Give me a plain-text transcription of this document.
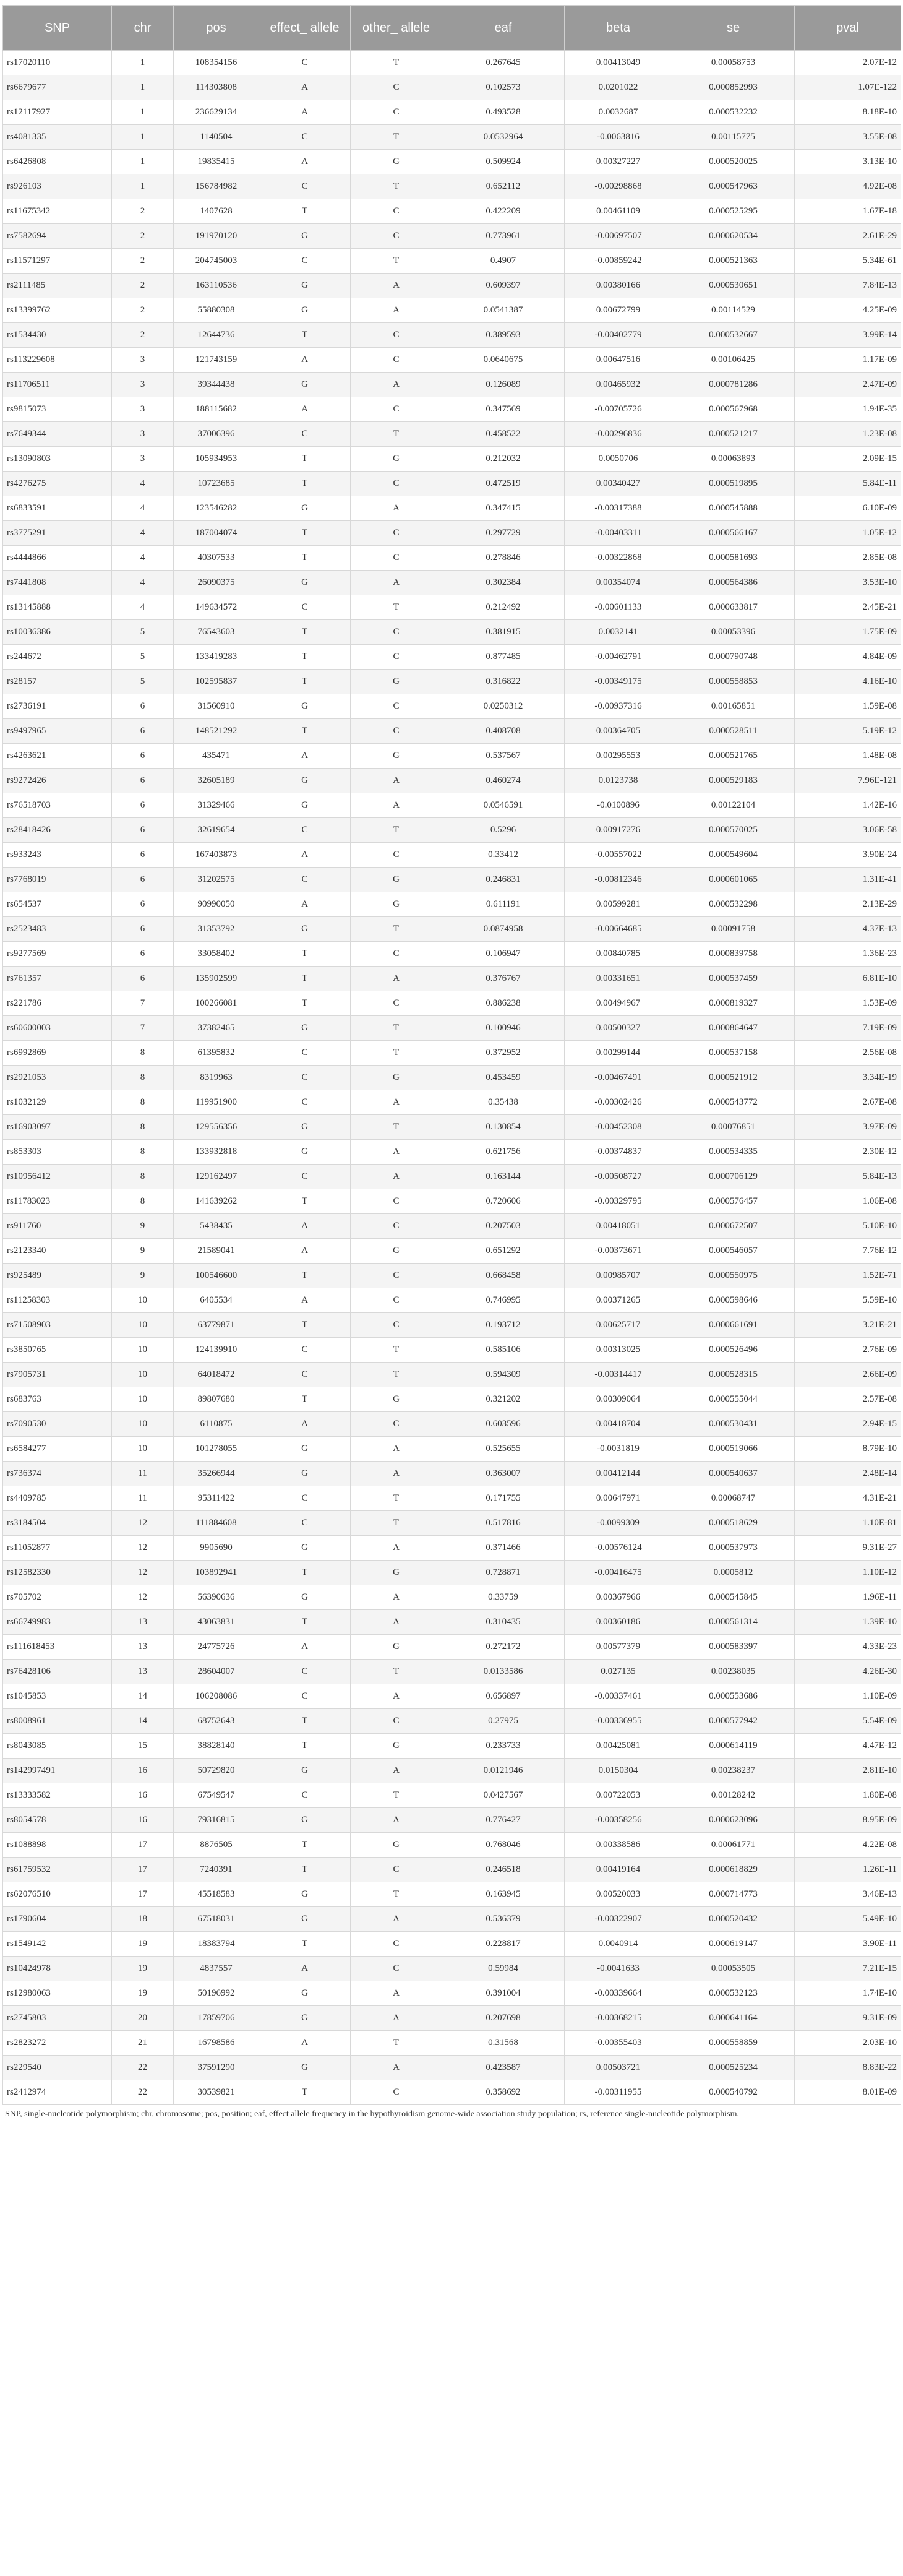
SNP	chr	pos	effect_ allele	other_ allele	eaf	beta	se	pval
rs17020110	1	108354156	C	T	0.267645	0.00413049	0.00058753	2.07E-12
rs6679677	1	114303808	A	C	0.102573	0.0201022	0.000852993	1.07E-122
rs12117927	1	236629134	A	C	0.493528	0.0032687	0.000532232	8.18E-10
rs4081335	1	1140504	C	T	0.0532964	-0.0063816	0.00115775	3.55E-08
rs6426808	1	19835415	A	G	0.509924	0.00327227	0.000520025	3.13E-10
rs926103	1	156784982	C	T	0.652112	-0.00298868	0.000547963	4.92E-08
rs11675342	2	1407628	T	C	0.422209	0.00461109	0.000525295	1.67E-18
rs7582694	2	191970120	G	C	0.773961	-0.00697507	0.000620534	2.61E-29
rs11571297	2	204745003	C	T	0.4907	-0.00859242	0.000521363	5.34E-61
rs2111485	2	163110536	G	A	0.609397	0.00380166	0.000530651	7.84E-13
rs13399762	2	55880308	G	A	0.0541387	0.00672799	0.00114529	4.25E-09
rs1534430	2	12644736	T	C	0.389593	-0.00402779	0.000532667	3.99E-14
rs113229608	3	121743159	A	C	0.0640675	0.00647516	0.00106425	1.17E-09
rs11706511	3	39344438	G	A	0.126089	0.00465932	0.000781286	2.47E-09
rs9815073	3	188115682	A	C	0.347569	-0.00705726	0.000567968	1.94E-35
rs7649344	3	37006396	C	T	0.458522	-0.00296836	0.000521217	1.23E-08
rs13090803	3	105934953	T	G	0.212032	0.0050706	0.00063893	2.09E-15
rs4276275	4	10723685	T	C	0.472519	0.00340427	0.000519895	5.84E-11
rs6833591	4	123546282	G	A	0.347415	-0.00317388	0.000545888	6.10E-09
rs3775291	4	187004074	T	C	0.297729	-0.00403311	0.000566167	1.05E-12
rs4444866	4	40307533	T	C	0.278846	-0.00322868	0.000581693	2.85E-08
rs7441808	4	26090375	G	A	0.302384	0.00354074	0.000564386	3.53E-10
rs13145888	4	149634572	C	T	0.212492	-0.00601133	0.000633817	2.45E-21
rs10036386	5	76543603	T	C	0.381915	0.0032141	0.00053396	1.75E-09
rs244672	5	133419283	T	C	0.877485	-0.00462791	0.000790748	4.84E-09
rs28157	5	102595837	T	G	0.316822	-0.00349175	0.000558853	4.16E-10
rs2736191	6	31560910	G	C	0.0250312	-0.00937316	0.00165851	1.59E-08
rs9497965	6	148521292	T	C	0.408708	0.00364705	0.000528511	5.19E-12
rs4263621	6	435471	A	G	0.537567	0.00295553	0.000521765	1.48E-08
rs9272426	6	32605189	G	A	0.460274	0.0123738	0.000529183	7.96E-121
rs76518703	6	31329466	G	A	0.0546591	-0.0100896	0.00122104	1.42E-16
rs28418426	6	32619654	C	T	0.5296	0.00917276	0.000570025	3.06E-58
rs933243	6	167403873	A	C	0.33412	-0.00557022	0.000549604	3.90E-24
rs7768019	6	31202575	C	G	0.246831	-0.00812346	0.000601065	1.31E-41
rs654537	6	90990050	A	G	0.611191	0.00599281	0.000532298	2.13E-29
rs2523483	6	31353792	G	T	0.0874958	-0.00664685	0.00091758	4.37E-13
rs9277569	6	33058402	T	C	0.106947	0.00840785	0.000839758	1.36E-23
rs761357	6	135902599	T	A	0.376767	0.00331651	0.000537459	6.81E-10
rs221786	7	100266081	T	C	0.886238	0.00494967	0.000819327	1.53E-09
rs60600003	7	37382465	G	T	0.100946	0.00500327	0.000864647	7.19E-09
rs6992869	8	61395832	C	T	0.372952	0.00299144	0.000537158	2.56E-08
rs2921053	8	8319963	C	G	0.453459	-0.00467491	0.000521912	3.34E-19
rs1032129	8	119951900	C	A	0.35438	-0.00302426	0.000543772	2.67E-08
rs16903097	8	129556356	G	T	0.130854	-0.00452308	0.00076851	3.97E-09
rs853303	8	133932818	G	A	0.621756	-0.00374837	0.000534335	2.30E-12
rs10956412	8	129162497	C	A	0.163144	-0.00508727	0.000706129	5.84E-13
rs11783023	8	141639262	T	C	0.720606	-0.00329795	0.000576457	1.06E-08
rs911760	9	5438435	A	C	0.207503	0.00418051	0.000672507	5.10E-10
rs2123340	9	21589041	A	G	0.651292	-0.00373671	0.000546057	7.76E-12
rs925489	9	100546600	T	C	0.668458	0.00985707	0.000550975	1.52E-71
rs11258303	10	6405534	A	C	0.746995	0.00371265	0.000598646	5.59E-10
rs71508903	10	63779871	T	C	0.193712	0.00625717	0.000661691	3.21E-21
rs3850765	10	124139910	C	T	0.585106	0.00313025	0.000526496	2.76E-09
rs7905731	10	64018472	C	T	0.594309	-0.00314417	0.000528315	2.66E-09
rs683763	10	89807680	T	G	0.321202	0.00309064	0.000555044	2.57E-08
rs7090530	10	6110875	A	C	0.603596	0.00418704	0.000530431	2.94E-15
rs6584277	10	101278055	G	A	0.525655	-0.0031819	0.000519066	8.79E-10
rs736374	11	35266944	G	A	0.363007	0.00412144	0.000540637	2.48E-14
rs4409785	11	95311422	C	T	0.171755	0.00647971	0.00068747	4.31E-21
rs3184504	12	111884608	C	T	0.517816	-0.0099309	0.000518629	1.10E-81
rs11052877	12	9905690	G	A	0.371466	-0.00576124	0.000537973	9.31E-27
rs12582330	12	103892941	T	G	0.728871	-0.00416475	0.0005812	1.10E-12
rs705702	12	56390636	G	A	0.33759	0.00367966	0.000545845	1.96E-11
rs66749983	13	43063831	T	A	0.310435	0.00360186	0.000561314	1.39E-10
rs111618453	13	24775726	A	G	0.272172	0.00577379	0.000583397	4.33E-23
rs76428106	13	28604007	C	T	0.0133586	0.027135	0.00238035	4.26E-30
rs1045853	14	106208086	C	A	0.656897	-0.00337461	0.000553686	1.10E-09
rs8008961	14	68752643	T	C	0.27975	-0.00336955	0.000577942	5.54E-09
rs8043085	15	38828140	T	G	0.233733	0.00425081	0.000614119	4.47E-12
rs142997491	16	50729820	G	A	0.0121946	0.0150304	0.00238237	2.81E-10
rs13333582	16	67549547	C	T	0.0427567	0.00722053	0.00128242	1.80E-08
rs8054578	16	79316815	G	A	0.776427	-0.00358256	0.000623096	8.95E-09
rs1088898	17	8876505	T	G	0.768046	0.00338586	0.00061771	4.22E-08
rs61759532	17	7240391	T	C	0.246518	0.00419164	0.000618829	1.26E-11
rs62076510	17	45518583	G	T	0.163945	0.00520033	0.000714773	3.46E-13
rs1790604	18	67518031	G	A	0.536379	-0.00322907	0.000520432	5.49E-10
rs1549142	19	18383794	T	C	0.228817	0.0040914	0.000619147	3.90E-11
rs10424978	19	4837557	A	C	0.59984	-0.0041633	0.00053505	7.21E-15
rs12980063	19	50196992	G	A	0.391004	-0.00339664	0.000532123	1.74E-10
rs2745803	20	17859706	G	A	0.207698	-0.00368215	0.000641164	9.31E-09
rs2823272	21	16798586	A	T	0.31568	-0.00355403	0.000558859	2.03E-10
rs229540	22	37591290	G	A	0.423587	0.00503721	0.000525234	8.83E-22
rs2412974	22	30539821	T	C	0.358692	-0.00311955	0.000540792	8.01E-09
SNP, single-nucleotide polymorphism; chr, chromosome; pos, position; eaf, effect allele frequency in the hypothyroidism genome-wide association study population; rs, reference single-nucleotide polymorphism.
